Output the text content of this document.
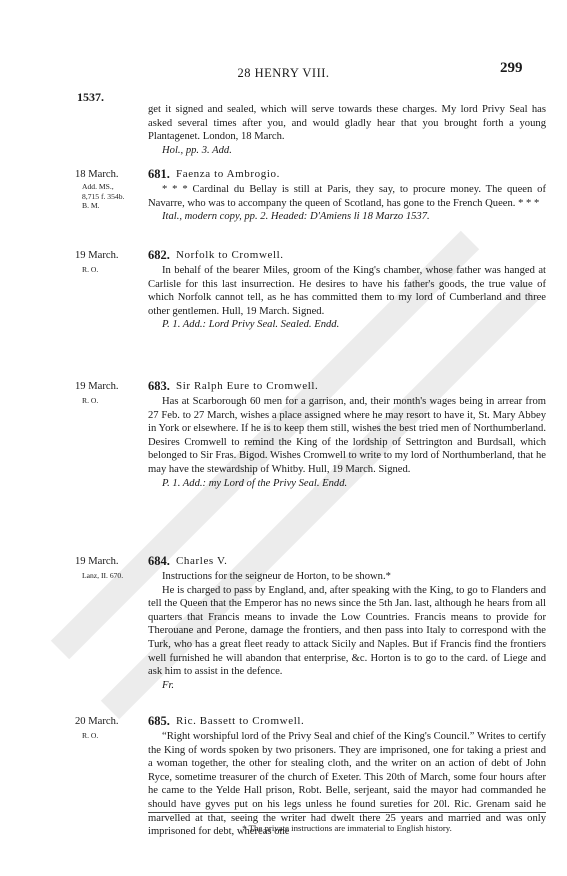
28 HENRY VIII.	299
1537.

get it signed and sealed, which will serve towards these charges. My lord Privy Seal has asked several times after you, and would gladly hear that you brought forth a young Plantagenet. London, 18 March.

Hol., pp. 3. Add.

18 March.
Add. MS.,
8,715 f. 354b.
B. M.
681. Faenza to Ambrogio.

* * * Cardinal du Bellay is still at Paris, they say, to procure money. The queen of Navarre, who was to accompany the queen of Scotland, has gone to the French Queen. * * *

Ital., modern copy, pp. 2. Headed: D'Amiens li 18 Marzo 1537.

19 March.
R. O.
682. Norfolk to Cromwell.

In behalf of the bearer Miles, groom of the King's chamber, whose father was hanged at Carlisle for this last insurrection. He desires to have his father's goods, the true value of which Norfolk cannot tell, as he has committed them to my lord of Cumberland and three other gentlemen. Hull, 19 March. Signed.

P. 1. Add.: Lord Privy Seal. Sealed. Endd.

19 March.
R. O.
683. Sir Ralph Eure to Cromwell.

Has at Scarborough 60 men for a garrison, and, their month's wages being in arrear from 27 Feb. to 27 March, wishes a place assigned where he may resort to have it, St. Mary Abbey in York or elsewhere. If he is to keep them still, wishes the best tried men of Northumberland. Desires Cromwell to remind the King of the lordship of Settrington and Burdsall, which belonged to Sir Fras. Bigod. Wishes Cromwell to write to my lord of Northumberland, that he may have the stewardship of Whitby. Hull, 19 March. Signed.

P. 1. Add.: my Lord of the Privy Seal. Endd.

19 March.
Lanz, II. 670.
684. Charles V.

Instructions for the seigneur de Horton, to be shown.*

He is charged to pass by England, and, after speaking with the King, to go to Flanders and tell the Queen that the Emperor has no news since the 5th Jan. last, although he hears from all quarters that Francis means to invade the Low Countries. Francis means to provide for Therouane and Perone, damage the frontiers, and then pass into Italy to correspond with the Turk, who has a great fleet ready to attack Sicily and Naples. But if Francis find the frontiers well furnished he will abandon that enterprise, &c. Horton is to go to the card. of Liege and ask him to assist in the defence.

Fr.

20 March.
R. O.
685. Ric. Bassett to Cromwell.

“Right worshipful lord of the Privy Seal and chief of the King's Council.” Writes to certify the King of words spoken by two prisoners. They are imprisoned, one for taking a priest and a woman together, the other for stealing cloth, and the writer on an action of debt of John Ryce, sometime treasurer of the church of Exeter. This 20th of March, some four hours after he came to the Yelde Hall prison, Robt. Belle, serjeant, said the mayor had commanded he should have gyves put on his legs unless he found sureties for 20l. Ric. Grenam said he marvelled at that, seeing the writer had dwelt there 25 years and married and was only imprisoned for debt, whereas one

* The private instructions are immaterial to English history.
